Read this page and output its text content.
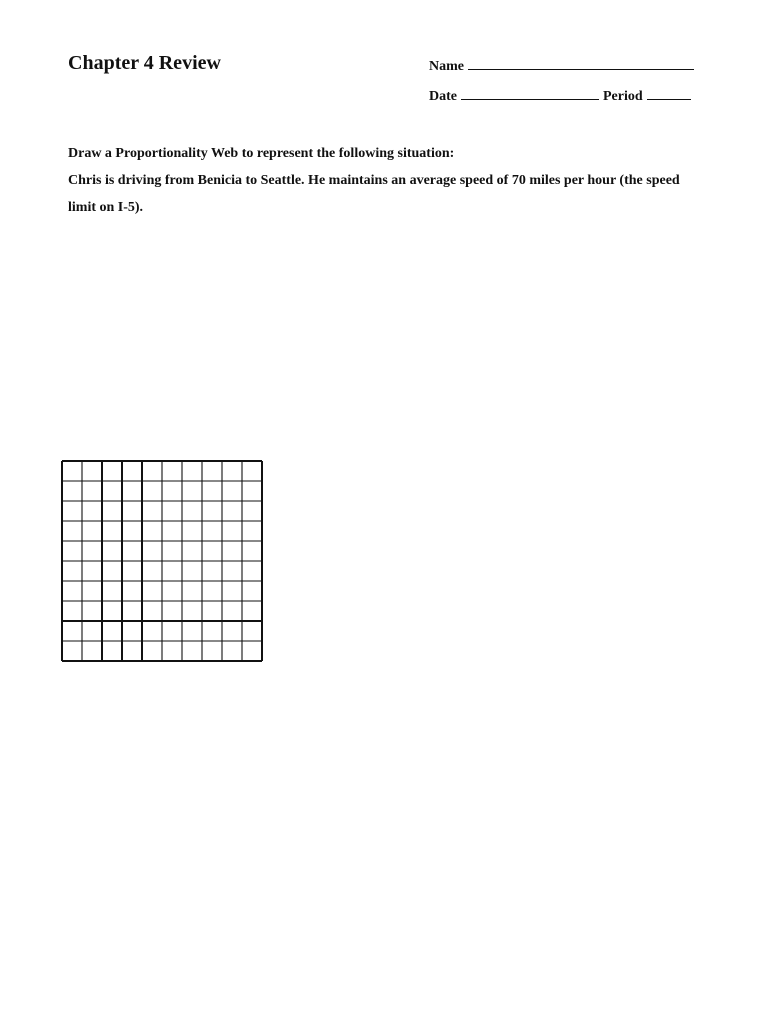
Chapter 4 Review	Name
Date	Period

Draw a Proportionality Web to represent the following situation:

Chris is driving from Benicia to Seattle. He maintains an average speed of 70 miles per hour (the speed limit on I-5).
